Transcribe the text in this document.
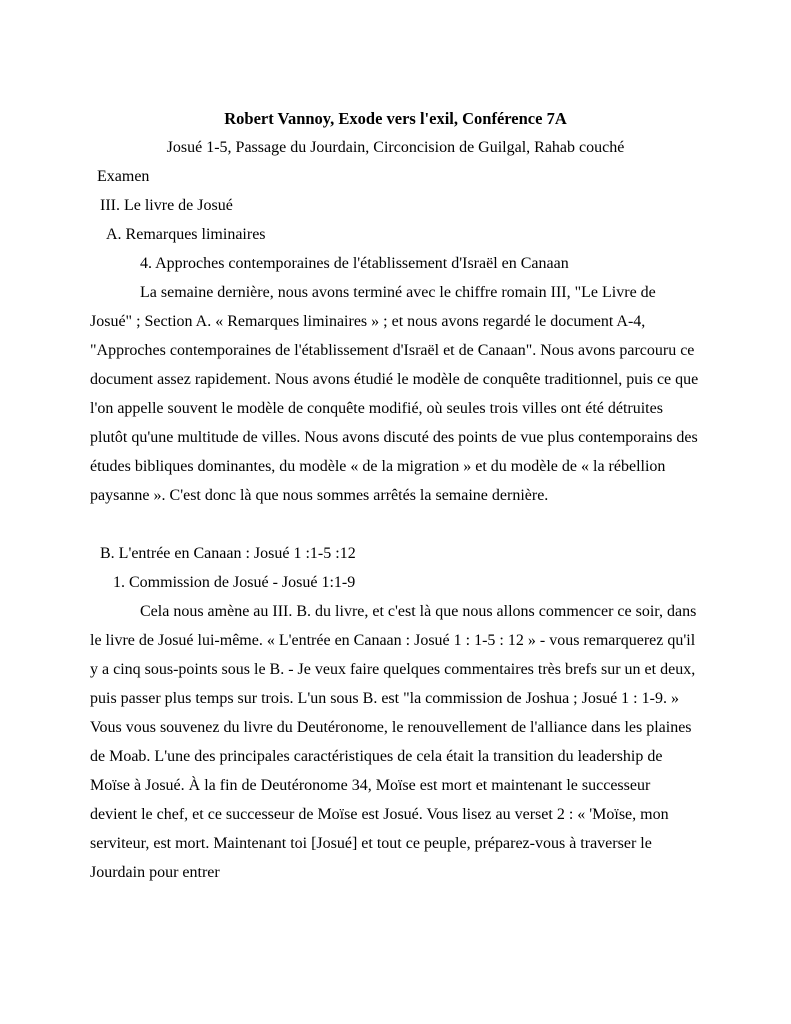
Robert Vannoy, Exode vers l'exil, Conférence 7A
Josué 1-5, Passage du Jourdain, Circoncision de Guilgal, Rahab couché
Examen
III. Le livre de Josué
A. Remarques liminaires
4. Approches contemporaines de l'établissement d'Israël en Canaan

La semaine dernière, nous avons terminé avec le chiffre romain III, "Le Livre de Josué" ; Section A. « Remarques liminaires » ; et nous avons regardé le document A-4, "Approches contemporaines de l'établissement d'Israël et de Canaan". Nous avons parcouru ce document assez rapidement. Nous avons étudié le modèle de conquête traditionnel, puis ce que l'on appelle souvent le modèle de conquête modifié, où seules trois villes ont été détruites plutôt qu'une multitude de villes. Nous avons discuté des points de vue plus contemporains des études bibliques dominantes, du modèle « de la migration » et du modèle de « la rébellion paysanne ». C'est donc là que nous sommes arrêtés la semaine dernière.

B. L'entrée en Canaan : Josué 1 :1-5 :12
1. Commission de Josué - Josué 1:1-9

Cela nous amène au III. B. du livre, et c'est là que nous allons commencer ce soir, dans le livre de Josué lui-même. « L'entrée en Canaan : Josué 1 : 1-5 : 12 » - vous remarquerez qu'il y a cinq sous-points sous le B. - Je veux faire quelques commentaires très brefs sur un et deux, puis passer plus temps sur trois. L'un sous B. est "la commission de Joshua ; Josué 1 : 1-9. » Vous vous souvenez du livre du Deutéronome, le renouvellement de l'alliance dans les plaines de Moab. L'une des principales caractéristiques de cela était la transition du leadership de Moïse à Josué. À la fin de Deutéronome 34, Moïse est mort et maintenant le successeur devient le chef, et ce successeur de Moïse est Josué. Vous lisez au verset 2 : « 'Moïse, mon serviteur, est mort. Maintenant toi [Josué] et tout ce peuple, préparez-vous à traverser le Jourdain pour entrer
